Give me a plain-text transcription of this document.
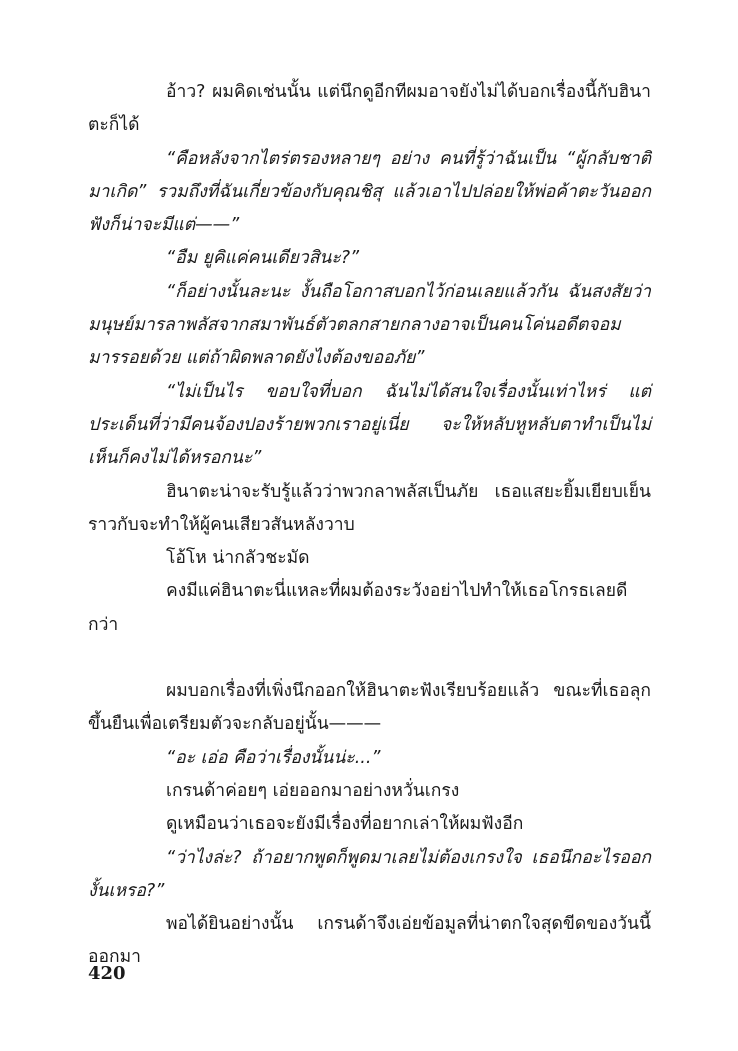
อ้าว? ผมคิดเช่นนั้น แต่นึกดูอีกทีผมอาจยังไม่ได้บอกเรื่องนี้กับฮินาตะก็ได้

“คือหลังจากไตร่ตรองหลายๆ อย่าง คนที่รู้ว่าฉันเป็น “ผู้กลับชาติมาเกิด” รวมถึงที่ฉันเกี่ยวข้องกับคุณชิสุ แล้วเอาไปปล่อยให้พ่อค้าตะวันออกฟังก็น่าจะมีแต่——”

“อืม ยูคิแค่คนเดียวสินะ?”

“ก็อย่างนั้นละนะ งั้นถือโอกาสบอกไว้ก่อนเลยแล้วกัน ฉันสงสัยว่ามนุษย์มารลาพลัสจากสมาพันธ์ตัวตลกสายกลางอาจเป็นคนโค่นอดีตจอมมารรอยด้วย แต่ถ้าผิดพลาดยังไงต้องขออภัย”

“ไม่เป็นไร ขอบใจที่บอก ฉันไม่ได้สนใจเรื่องนั้นเท่าไหร่ แต่ประเด็นที่ว่ามีคนจ้องปองร้ายพวกเราอยู่เนี่ย จะให้หลับหูหลับตาทำเป็นไม่เห็นก็คงไม่ได้หรอกนะ”

ฮินาตะน่าจะรับรู้แล้วว่าพวกลาพลัสเป็นภัย เธอแสยะยิ้มเยียบเย็นราวกับจะทำให้ผู้คนเสียวสันหลังวาบ

โอ้โห น่ากลัวชะมัด

คงมีแค่ฮินาตะนี่แหละที่ผมต้องระวังอย่าไปทำให้เธอโกรธเลยดีกว่า

ผมบอกเรื่องที่เพิ่งนึกออกให้ฮินาตะฟังเรียบร้อยแล้ว ขณะที่เธอลุกขึ้นยืนเพื่อเตรียมตัวจะกลับอยู่นั้น———

“อะ เอ่อ คือว่าเรื่องนั้นน่ะ...”

เกรนด้าค่อยๆ เอ่ยออกมาอย่างหวั่นเกรง

ดูเหมือนว่าเธอจะยังมีเรื่องที่อยากเล่าให้ผมฟังอีก

“ว่าไงล่ะ? ถ้าอยากพูดก็พูดมาเลยไม่ต้องเกรงใจ เธอนึกอะไรออกงั้นเหรอ?”

พอได้ยินอย่างนั้น เกรนด้าจึงเอ่ยข้อมูลที่น่าตกใจสุดขีดของวันนี้ออกมา

420
